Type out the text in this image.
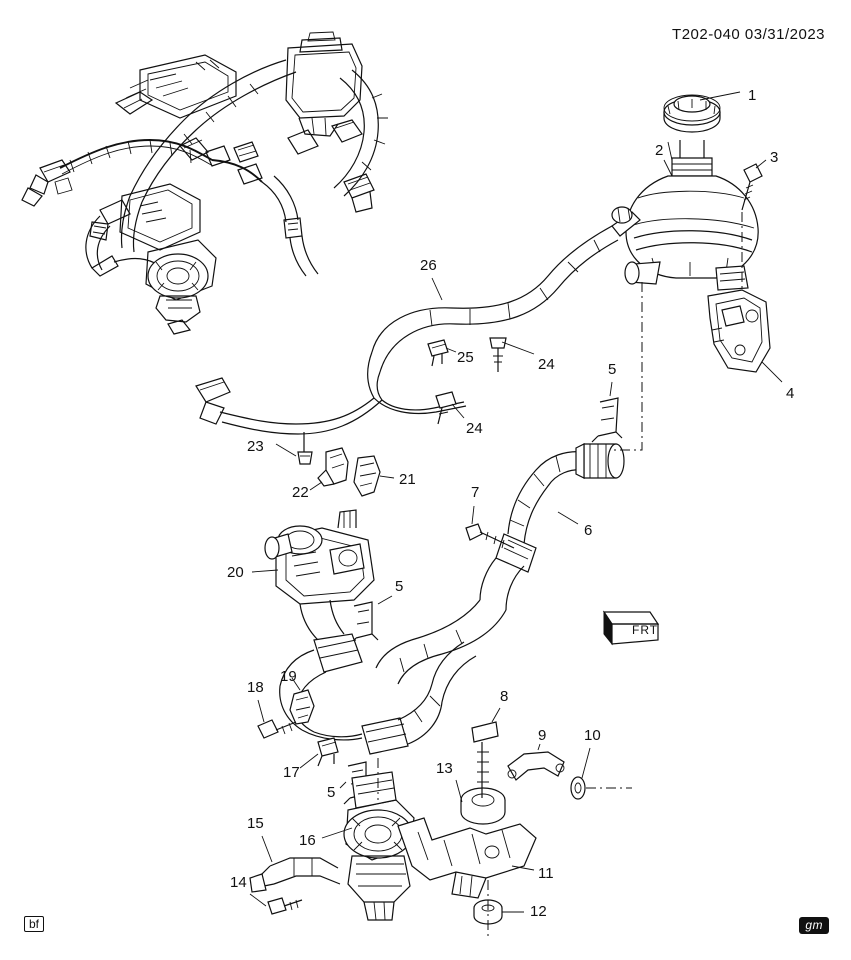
T202-040 03/31/2023
1
2	3
4
5
5
5
6
7
8
9	10
11
12
13
14
15
16
17
18
19
20
21
22
23
24
24
25
26
FRT
bf	gm
